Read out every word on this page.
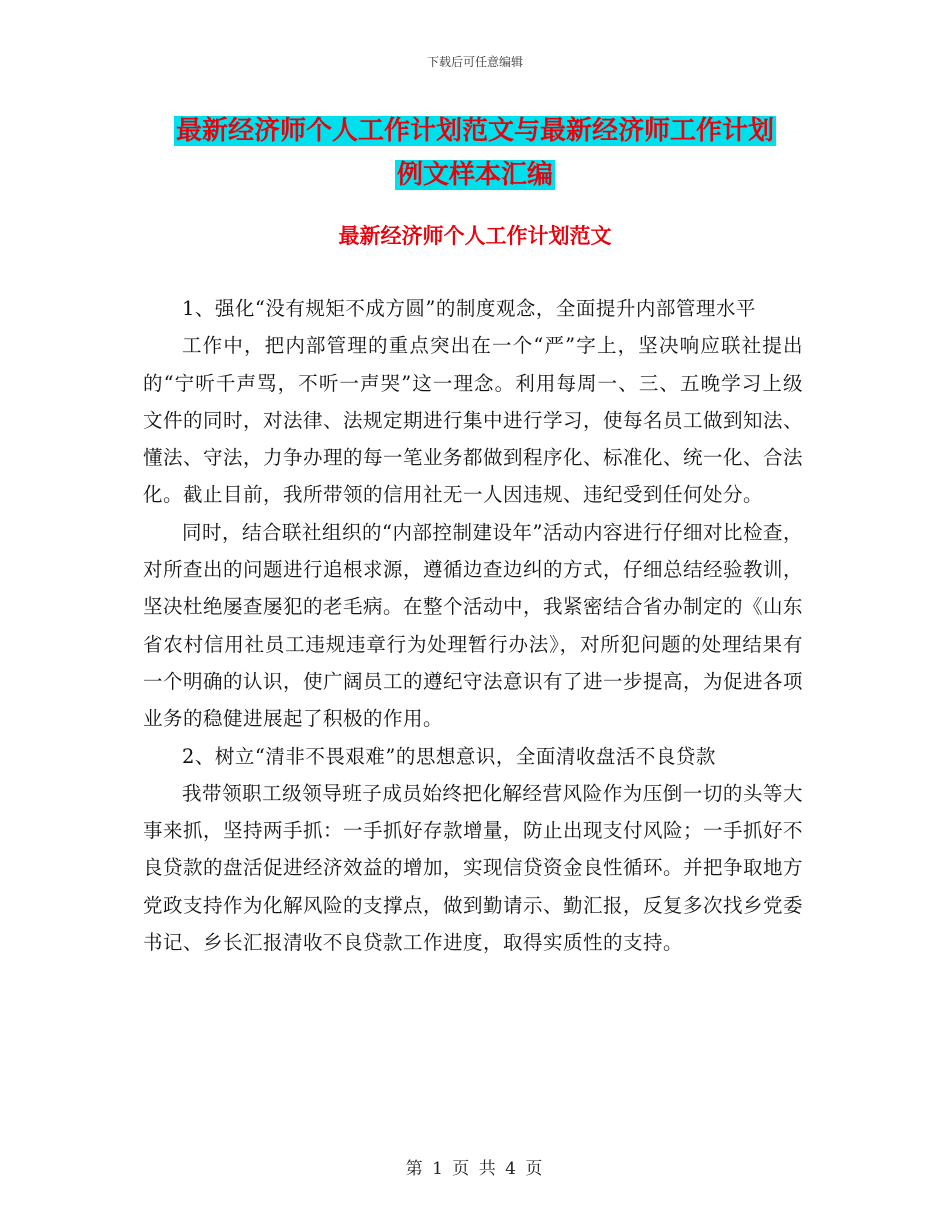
下载后可任意编辑
最新经济师个人工作计划范文与最新经济师工作计划
例文样本汇编
最新经济师个人工作计划范文

1、强化“没有规矩不成方圆”的制度观念，全面提升内部管理水平

工作中，把内部管理的重点突出在一个“严”字上，坚决响应联社提出的“宁听千声骂，不听一声哭”这一理念。利用每周一、三、五晚学习上级文件的同时，对法律、法规定期进行集中进行学习，使每名员工做到知法、懂法、守法，力争办理的每一笔业务都做到程序化、标准化、统一化、合法化。截止目前，我所带领的信用社无一人因违规、违纪受到任何处分。

同时，结合联社组织的“内部控制建设年”活动内容进行仔细对比检查，对所查出的问题进行追根求源，遵循边查边纠的方式，仔细总结经验教训，坚决杜绝屡查屡犯的老毛病。在整个活动中，我紧密结合省办制定的《山东省农村信用社员工违规违章行为处理暂行办法》，对所犯问题的处理结果有一个明确的认识，使广阔员工的遵纪守法意识有了进一步提高，为促进各项业务的稳健进展起了积极的作用。

2、树立“清非不畏艰难”的思想意识，全面清收盘活不良贷款

我带领职工级领导班子成员始终把化解经营风险作为压倒一切的头等大事来抓，坚持两手抓：一手抓好存款增量，防止出现支付风险；一手抓好不良贷款的盘活促进经济效益的增加，实现信贷资金良性循环。并把争取地方党政支持作为化解风险的支撑点，做到勤请示、勤汇报，反复多次找乡党委书记、乡长汇报清收不良贷款工作进度，取得实质性的支持。

第 1 页 共 4 页
